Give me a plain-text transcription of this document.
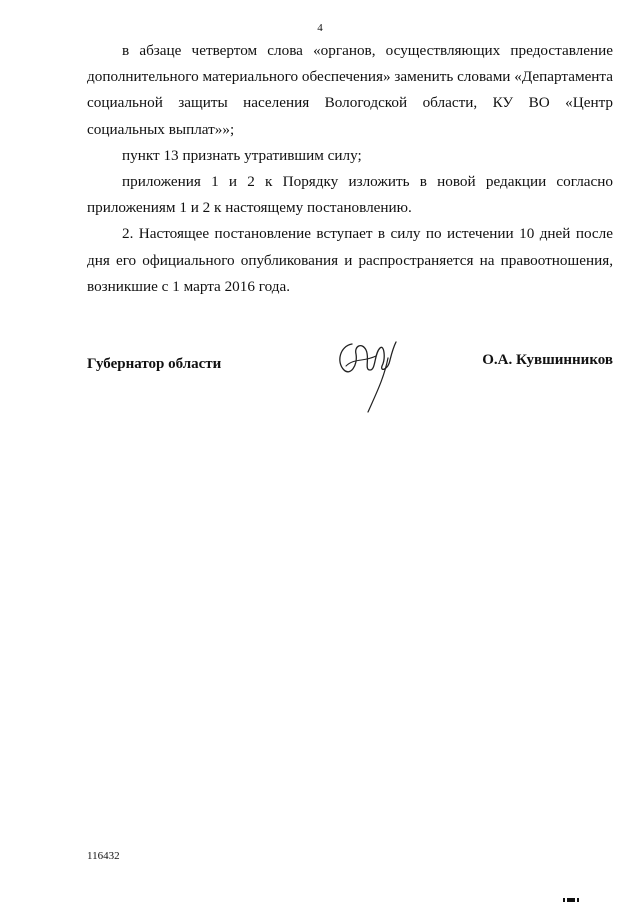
4

в абзаце четвертом слова «органов, осуществляющих предоставление дополнительного материального обеспечения» заменить словами «Департамента социальной защиты населения Вологодской области, КУ ВО «Центр социальных выплат»»;

пункт 13 признать утратившим силу;

приложения 1 и 2 к Порядку изложить в новой редакции согласно приложениям 1 и 2 к настоящему постановлению.

2. Настоящее постановление вступает в силу по истечении 10 дней после дня его официального опубликования и распространяется на правоотношения, возникшие с 1 марта 2016 года.

Губернатор области	О.А. Кувшинников
116432
